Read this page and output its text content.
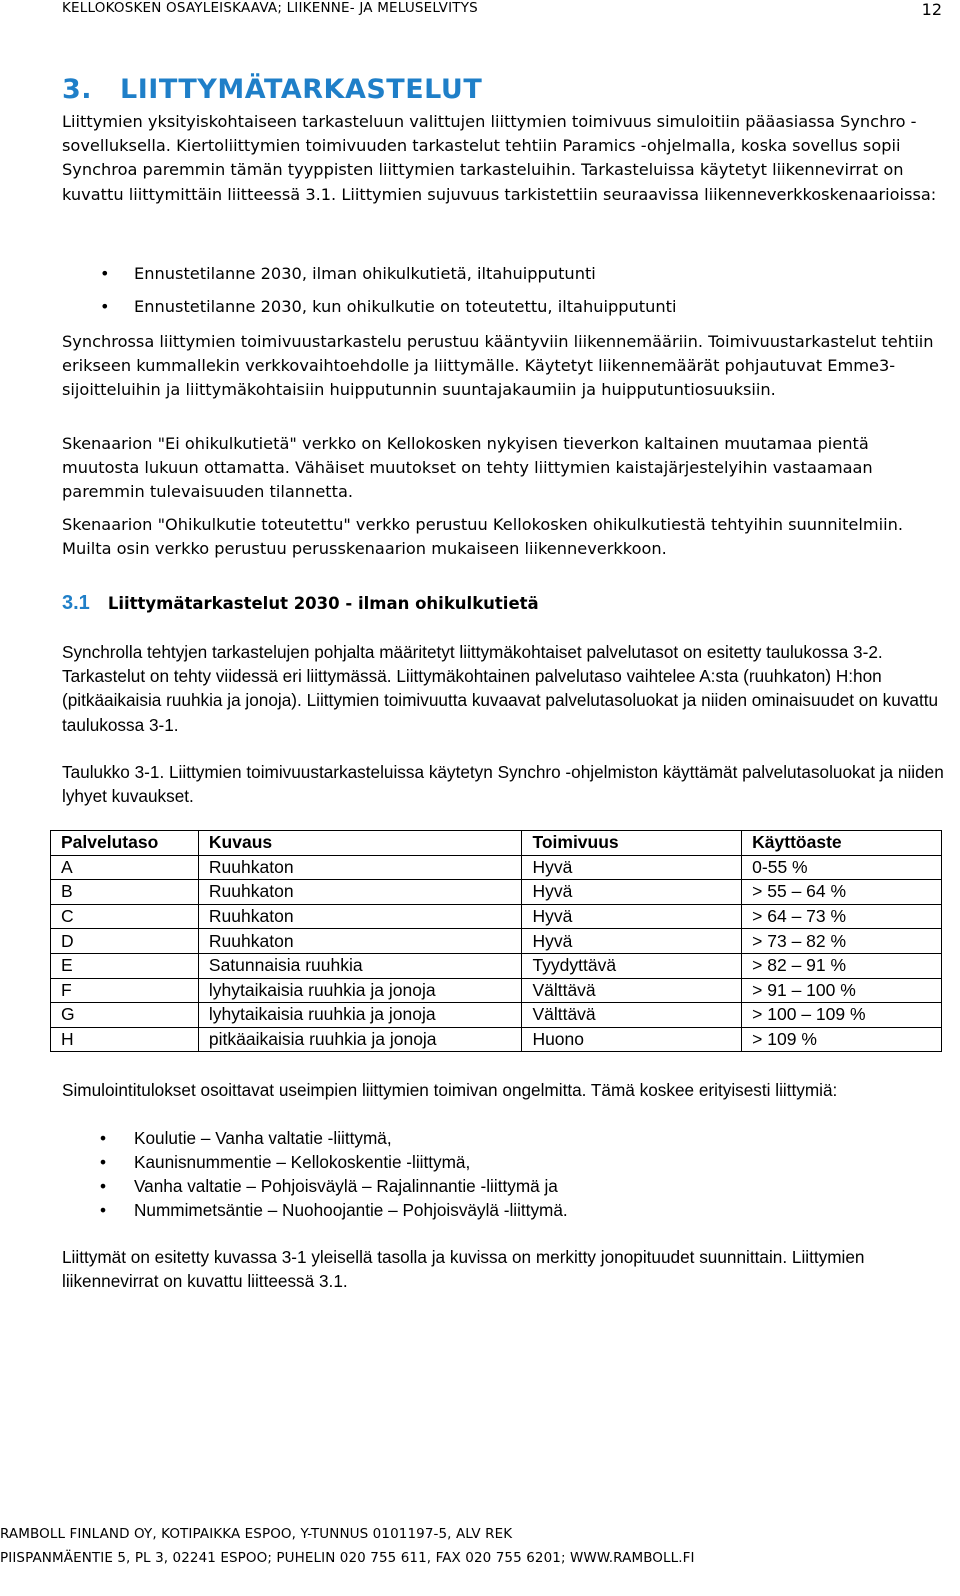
KELLOKOSKEN OSAYLEISKAAVA; LIIKENNE- JA MELUSELVITYS	12
3. LIITTYMÄTARKASTELUT

Liittymien yksityiskohtaiseen tarkasteluun valittujen liittymien toimivuus simuloitiin pääasiassa Synchro -sovelluksella. Kiertoliittymien toimivuuden tarkastelut tehtiin Paramics -ohjelmalla, koska sovellus sopii Synchroa paremmin tämän tyyppisten liittymien tarkasteluihin. Tarkasteluissa käytetyt liikennevirrat on kuvattu liittymittäin liitteessä 3.1. Liittymien sujuvuus tarkistettiin seuraavissa liikenneverkkoskenaarioissa:

• Ennustetilanne 2030, ilman ohikulkutietä, iltahuipputunti
• Ennustetilanne 2030, kun ohikulkutie on toteutettu, iltahuipputunti

Synchrossa liittymien toimivuustarkastelu perustuu kääntyviin liikennemääriin. Toimivuustarkastelut tehtiin erikseen kummallekin verkkovaihtoehdolle ja liittymälle. Käytetyt liikennemäärät pohjautuvat Emme3-sijoitteluihin ja liittymäkohtaisiin huipputunnin suuntajakaumiin ja huipputuntiosuuksiin.

Skenaarion "Ei ohikulkutietä" verkko on Kellokosken nykyisen tieverkon kaltainen muutamaa pientä muutosta lukuun ottamatta. Vähäiset muutokset on tehty liittymien kaistajärjestelyihin vastaamaan paremmin tulevaisuuden tilannetta.

Skenaarion "Ohikulkutie toteutettu" verkko perustuu Kellokosken ohikulkutiestä tehtyihin suunnitelmiin. Muilta osin verkko perustuu perusskenaarion mukaiseen liikenneverkkoon.

3.1 Liittymätarkastelut 2030 - ilman ohikulkutietä

Synchrolla tehtyjen tarkastelujen pohjalta määritetyt liittymäkohtaiset palvelutasot on esitetty taulukossa 3-2. Tarkastelut on tehty viidessä eri liittymässä. Liittymäkohtainen palvelutaso vaihtelee A:sta (ruuhkaton) H:hon (pitkäaikaisia ruuhkia ja jonoja). Liittymien toimivuutta kuvaavat palvelutasoluokat ja niiden ominaisuudet on kuvattu taulukossa 3-1.

Taulukko 3-1. Liittymien toimivuustarkasteluissa käytetyn Synchro -ohjelmiston käyttämät palvelutasoluokat ja niiden lyhyet kuvaukset.

Palvelutaso	Kuvaus	Toimivuus	Käyttöaste
A	Ruuhkaton	Hyvä	0-55 %
B	Ruuhkaton	Hyvä	> 55 – 64 %
C	Ruuhkaton	Hyvä	> 64 – 73 %
D	Ruuhkaton	Hyvä	> 73 – 82 %
E	Satunnaisia ruuhkia	Tyydyttävä	> 82 – 91 %
F	lyhytaikaisia ruuhkia ja jonoja	Välttävä	> 91 – 100 %
G	lyhytaikaisia ruuhkia ja jonoja	Välttävä	> 100 – 109 %
H	pitkäaikaisia ruuhkia ja jonoja	Huono	> 109 %

Simulointitulokset osoittavat useimpien liittymien toimivan ongelmitta. Tämä koskee erityisesti liittymiä:

• Koulutie – Vanha valtatie -liittymä,
• Kaunisnummentie – Kellokoskentie -liittymä,
• Vanha valtatie – Pohjoisväylä – Rajalinnantie -liittymä ja
• Nummimetsäntie – Nuohoojantie – Pohjoisväylä -liittymä.

Liittymät on esitetty kuvassa 3-1 yleisellä tasolla ja kuvissa on merkitty jonopituudet suunnittain. Liittymien liikennevirrat on kuvattu liitteessä 3.1.

RAMBOLL FINLAND OY, KOTIPAIKKA ESPOO, Y-TUNNUS 0101197-5, ALV REK
PIISPANMÄENTIE 5, PL 3, 02241 ESPOO; PUHELIN 020 755 611, FAX 020 755 6201; WWW.RAMBOLL.FI
